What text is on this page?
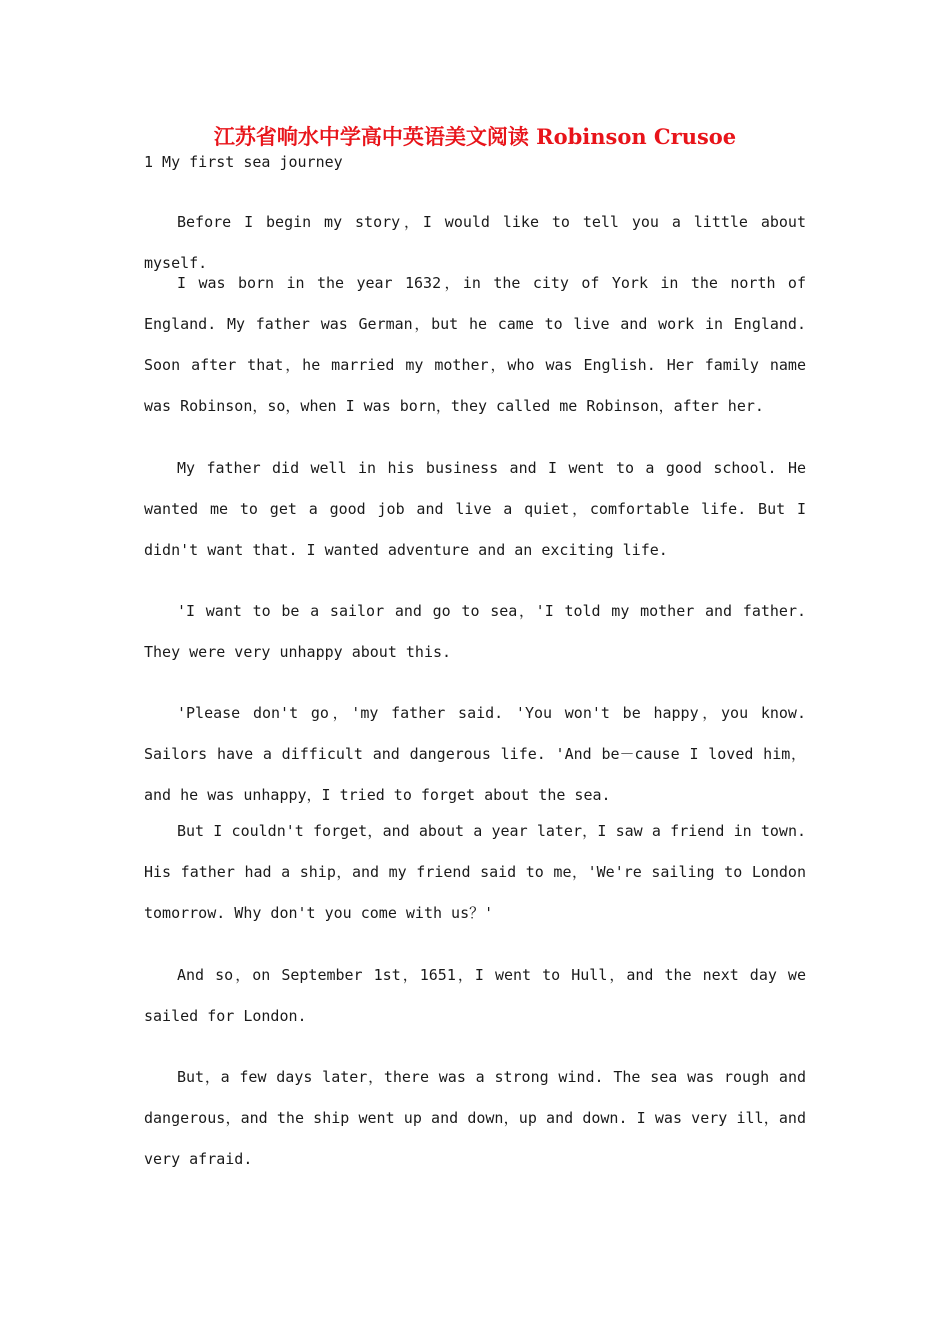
江苏省响水中学高中英语美文阅读 Robinson Crusoe
1 My first sea journey

Before I begin my story，I would like to tell you a little about myself.

I was born in the year 1632，in the city of York in the north of England. My father was German，but he came to live and work in England. Soon after that，he married my mother，who was English. Her family name was Robinson，so，when I was born，they called me Robinson，after her.

My father did well in his business and I went to a good school. He wanted me to get a good job and live a quiet，comfortable life. But I didn't want that. I wanted adventure and an exciting life.

'I want to be a sailor and go to sea，'I told my mother and father. They were very unhappy about this.

'Please don't go，'my father said. 'You won't be happy，you know. Sailors have a difficult and dangerous life. 'And be－cause I loved him，and he was unhappy，I tried to forget about the sea.

But I couldn't forget，and about a year later，I saw a friend in town. His father had a ship，and my friend said to me，'We're sailing to London tomorrow. Why don't you come with us？'

And so，on September 1st，1651，I went to Hull，and the next day we sailed for London.

But，a few days later，there was a strong wind. The sea was rough and dangerous，and the ship went up and down，up and down. I was very ill，and very afraid.
